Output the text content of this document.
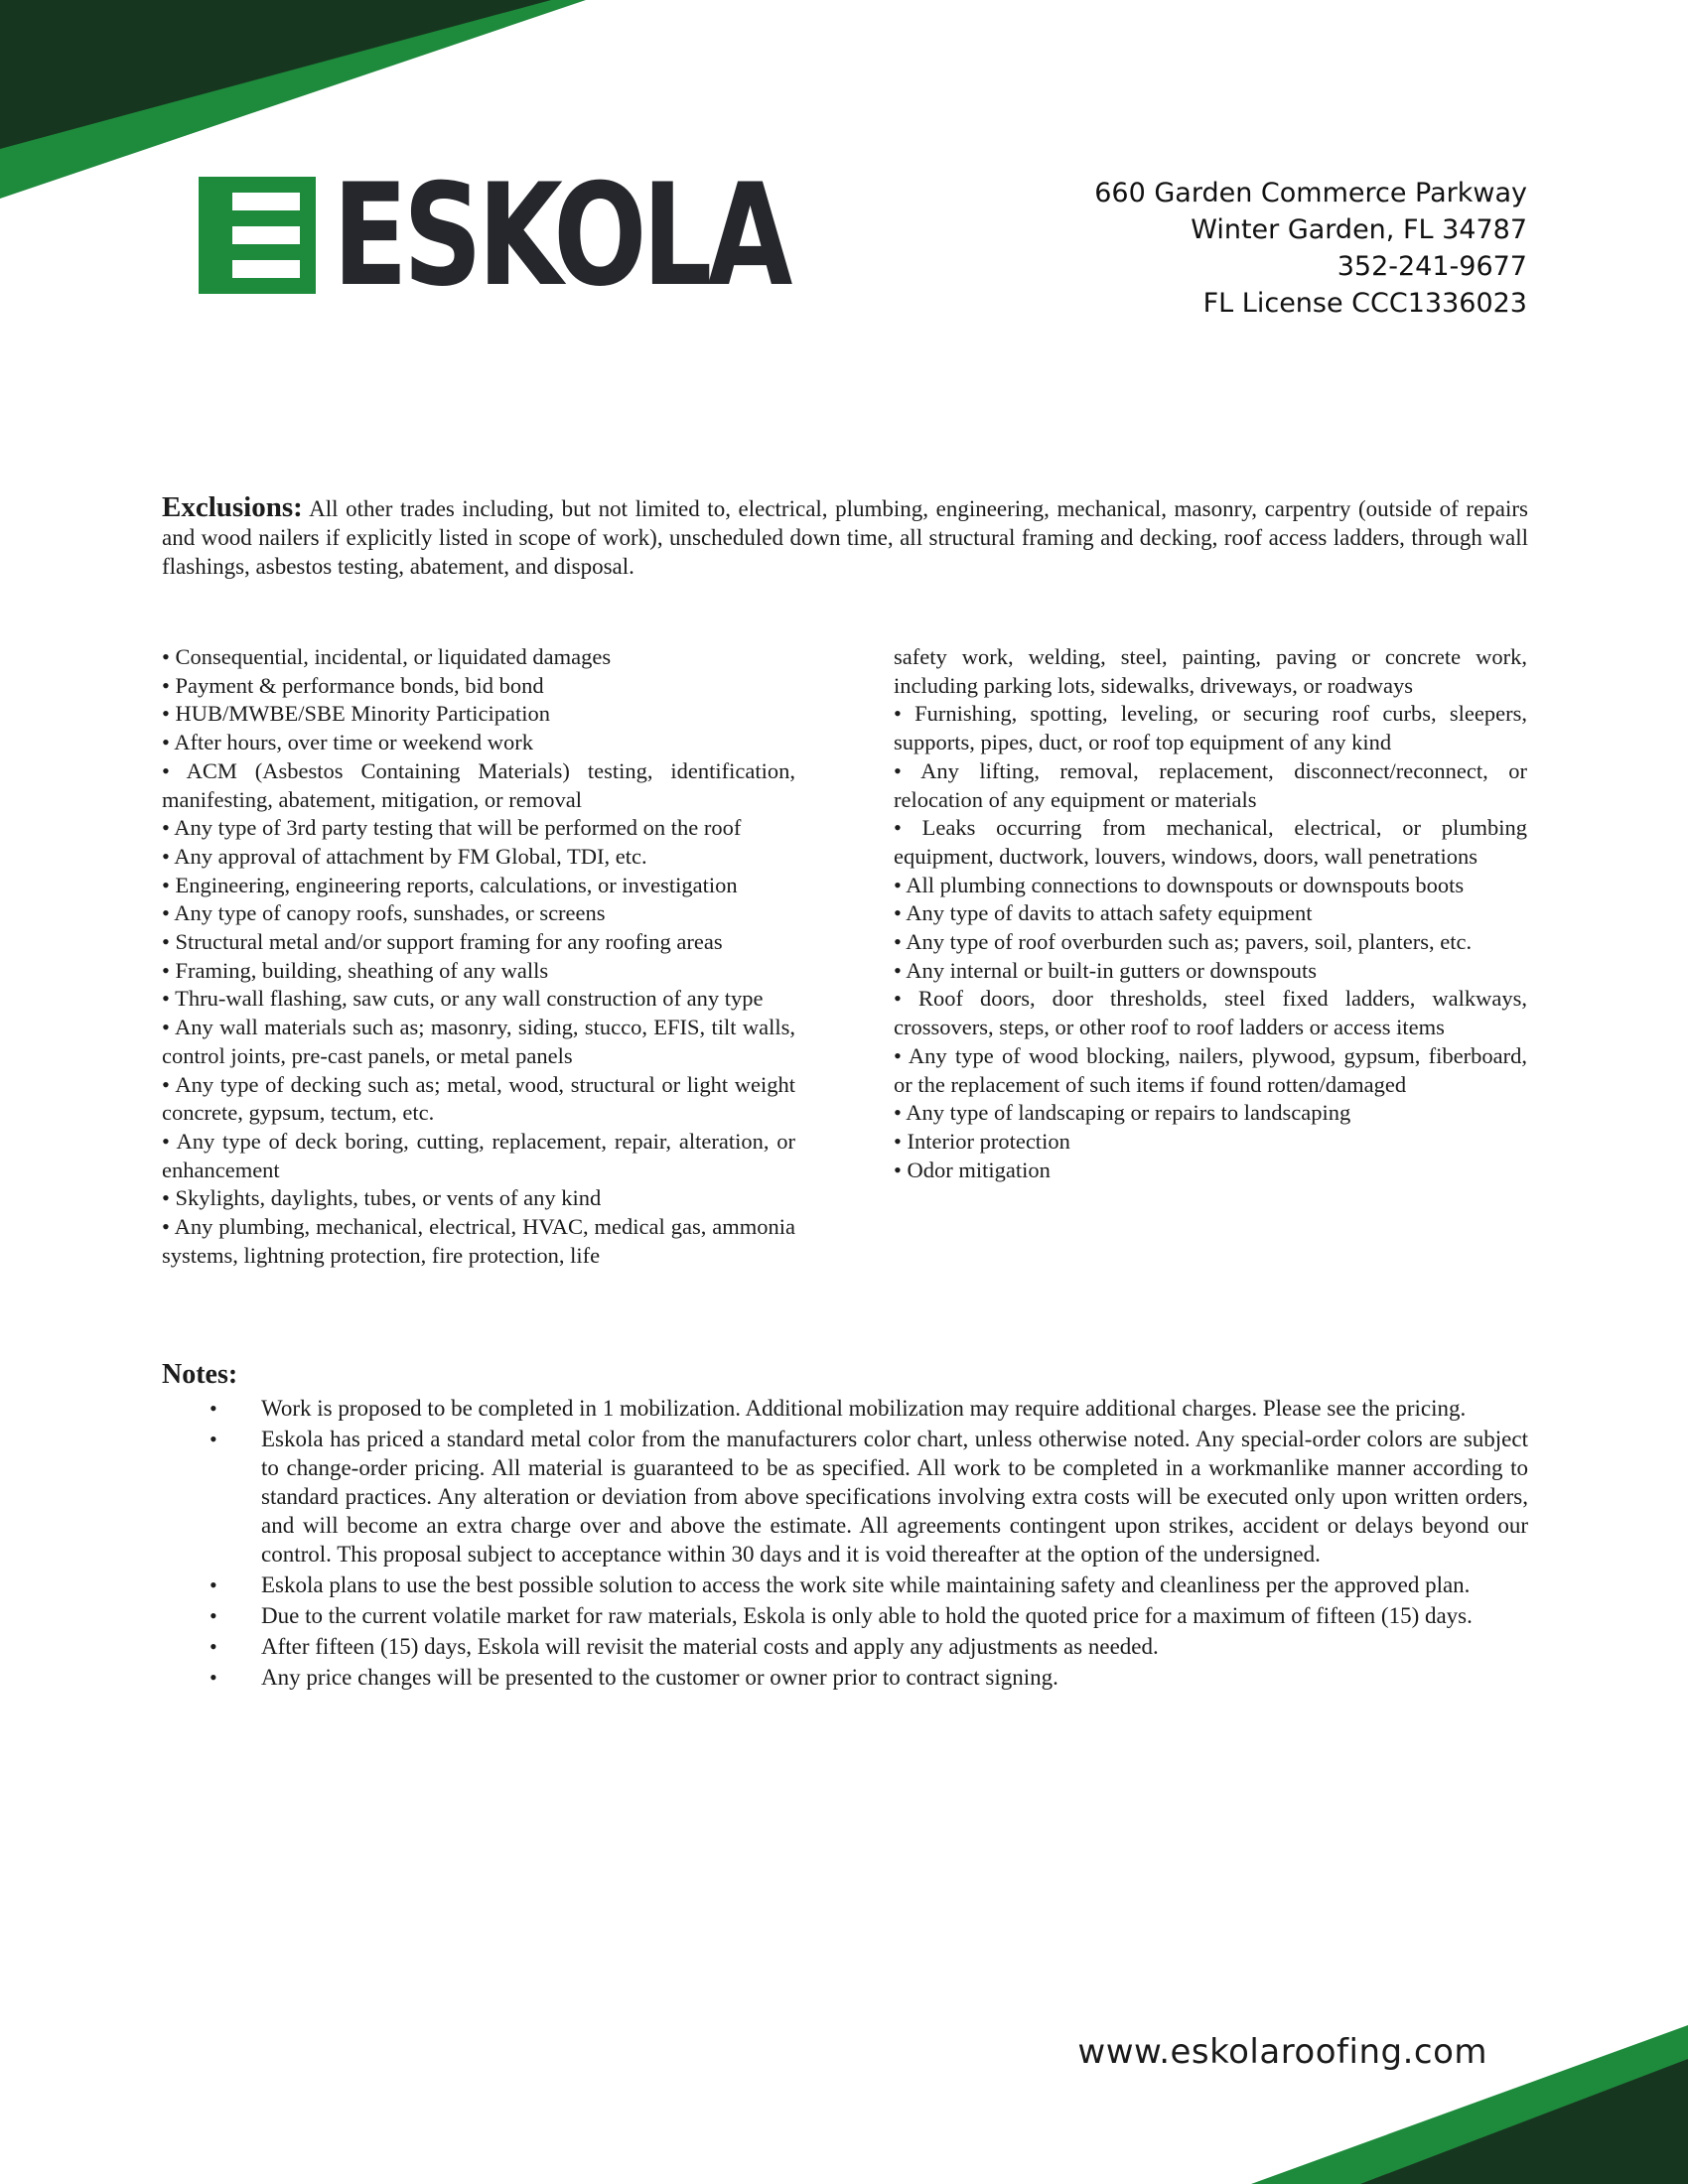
ESKOLA	660 Garden Commerce Parkway
Winter Garden, FL 34787
352-241-9677
FL License CCC1336023
Exclusions: All other trades including, but not limited to, electrical, plumbing, engineering, mechanical, masonry, carpentry (outside of repairs and wood nailers if explicitly listed in scope of work), unscheduled down time, all structural framing and decking, roof access ladders, through wall flashings, asbestos testing, abatement, and disposal.

• Consequential, incidental, or liquidated damages

• Payment & performance bonds, bid bond

• HUB/MWBE/SBE Minority Participation

• After hours, over time or weekend work

• ACM (Asbestos Containing Materials) testing, identification, manifesting, abatement, mitigation, or removal

• Any type of 3rd party testing that will be performed on the roof

• Any approval of attachment by FM Global, TDI, etc.

• Engineering, engineering reports, calculations, or investigation

• Any type of canopy roofs, sunshades, or screens

• Structural metal and/or support framing for any roofing areas

• Framing, building, sheathing of any walls

• Thru-wall flashing, saw cuts, or any wall construction of any type

• Any wall materials such as; masonry, siding, stucco, EFIS, tilt walls, control joints, pre-cast panels, or metal panels

• Any type of decking such as; metal, wood, structural or light weight concrete, gypsum, tectum, etc.

• Any type of deck boring, cutting, replacement, repair, alteration, or enhancement

• Skylights, daylights, tubes, or vents of any kind

• Any plumbing, mechanical, electrical, HVAC, medical gas, ammonia systems, lightning protection, fire protection, life

safety work, welding, steel, painting, paving or concrete work, including parking lots, sidewalks, driveways, or roadways

• Furnishing, spotting, leveling, or securing roof curbs, sleepers, supports, pipes, duct, or roof top equipment of any kind

• Any lifting, removal, replacement, disconnect/reconnect, or relocation of any equipment or materials

• Leaks occurring from mechanical, electrical, or plumbing equipment, ductwork, louvers, windows, doors, wall penetrations

• All plumbing connections to downspouts or downspouts boots

• Any type of davits to attach safety equipment

• Any type of roof overburden such as; pavers, soil, planters, etc.

• Any internal or built-in gutters or downspouts

• Roof doors, door thresholds, steel fixed ladders, walkways, crossovers, steps, or other roof to roof ladders or access items

• Any type of wood blocking, nailers, plywood, gypsum, fiberboard, or the replacement of such items if found rotten/damaged

• Any type of landscaping or repairs to landscaping

• Interior protection

• Odor mitigation

Notes:
• Work is proposed to be completed in 1 mobilization. Additional mobilization may require additional charges. Please see the pricing.
• Eskola has priced a standard metal color from the manufacturers color chart, unless otherwise noted. Any special-order colors are subject to change-order pricing. All material is guaranteed to be as specified. All work to be completed in a workmanlike manner according to standard practices. Any alteration or deviation from above specifications involving extra costs will be executed only upon written orders, and will become an extra charge over and above the estimate. All agreements contingent upon strikes, accident or delays beyond our control. This proposal subject to acceptance within 30 days and it is void thereafter at the option of the undersigned.
• Eskola plans to use the best possible solution to access the work site while maintaining safety and cleanliness per the approved plan.
• Due to the current volatile market for raw materials, Eskola is only able to hold the quoted price for a maximum of fifteen (15) days.
• After fifteen (15) days, Eskola will revisit the material costs and apply any adjustments as needed.
• Any price changes will be presented to the customer or owner prior to contract signing.
www.eskolaroofing.com
